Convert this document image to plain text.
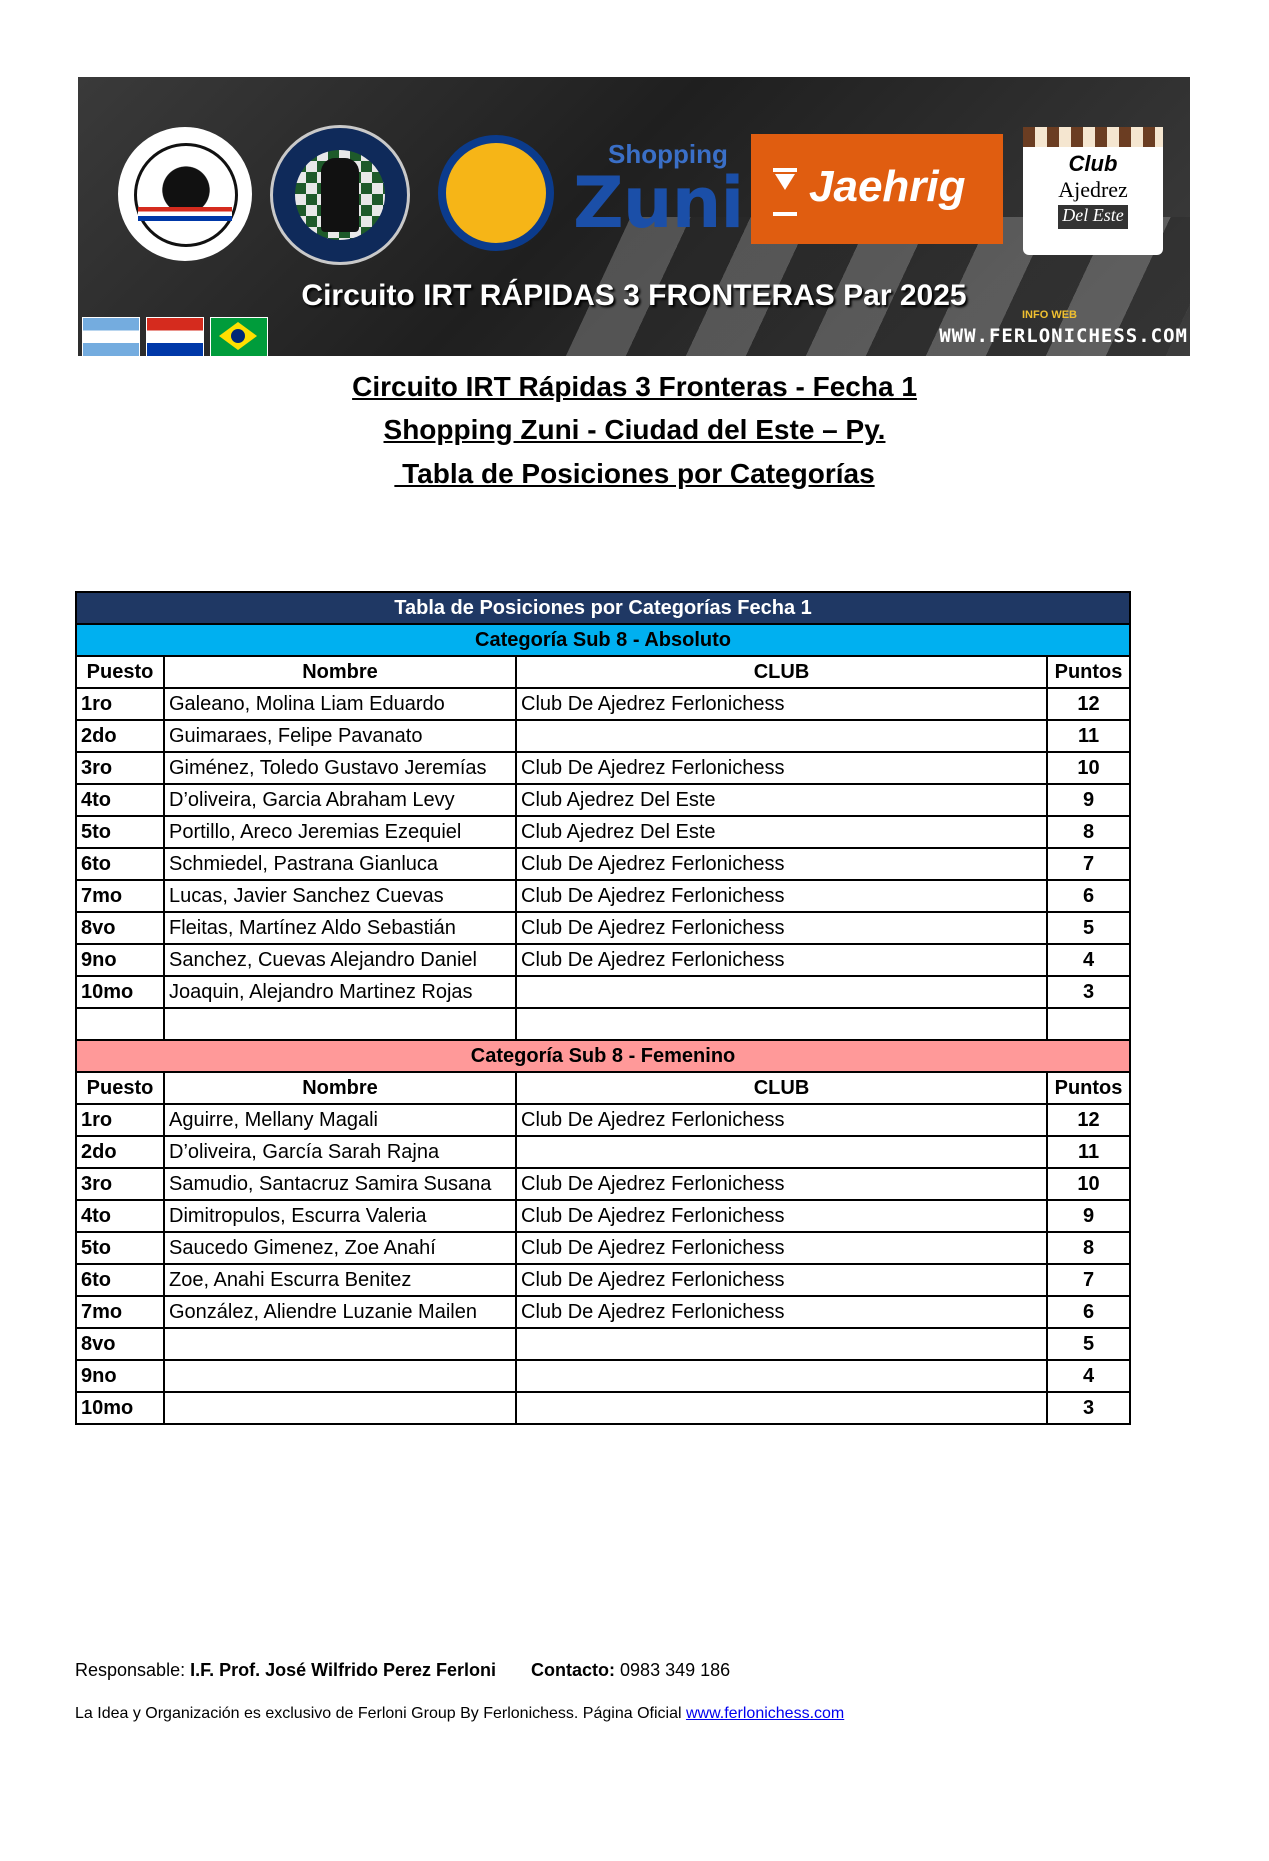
Shopping
Zuni Jaehrig	Club
Ajedrez
Del Este
Circuito IRT RÁPIDAS 3 FRONTERAS Par 2025
INFO WEB
WWW.FERLONICHESS.COM
Circuito IRT Rápidas 3 Fronteras - Fecha 1
Shopping Zuni - Ciudad del Este – Py.
Tabla de Posiciones por Categorías
Tabla de Posiciones por Categorías Fecha 1			
Categoría Sub 8 - Absoluto			
Puesto	Nombre	CLUB	Puntos
1ro	Galeano, Molina Liam Eduardo	Club De Ajedrez Ferlonichess	12
2do	Guimaraes, Felipe Pavanato		11
3ro	Giménez, Toledo Gustavo Jeremías	Club De Ajedrez Ferlonichess	10
4to	D’oliveira, Garcia Abraham Levy	Club Ajedrez Del Este	9
5to	Portillo, Areco Jeremias Ezequiel	Club Ajedrez Del Este	8
6to	Schmiedel, Pastrana Gianluca	Club De Ajedrez Ferlonichess	7
7mo	Lucas, Javier Sanchez Cuevas	Club De Ajedrez Ferlonichess	6
8vo	Fleitas, Martínez Aldo Sebastián	Club De Ajedrez Ferlonichess	5
9no	Sanchez, Cuevas Alejandro Daniel	Club De Ajedrez Ferlonichess	4
10mo	Joaquin, Alejandro Martinez Rojas		3

Categoría Sub 8 - Femenino			
Puesto	Nombre	CLUB	Puntos
1ro	Aguirre, Mellany Magali	Club De Ajedrez Ferlonichess	12
2do	D’oliveira, García Sarah Rajna		11
3ro	Samudio, Santacruz Samira Susana	Club De Ajedrez Ferlonichess	10
4to	Dimitropulos, Escurra Valeria	Club De Ajedrez Ferlonichess	9
5to	Saucedo Gimenez, Zoe Anahí	Club De Ajedrez Ferlonichess	8
6to	Zoe, Anahi Escurra Benitez	Club De Ajedrez Ferlonichess	7
7mo	González, Aliendre Luzanie Mailen	Club De Ajedrez Ferlonichess	6
8vo			5
9no			4
10mo			3
Responsable: I.F. Prof. José Wilfrido Perez Ferloni Contacto: 0983 349 186
La Idea y Organización es exclusivo de Ferloni Group By Ferlonichess. Página Oficial www.ferlonichess.com
